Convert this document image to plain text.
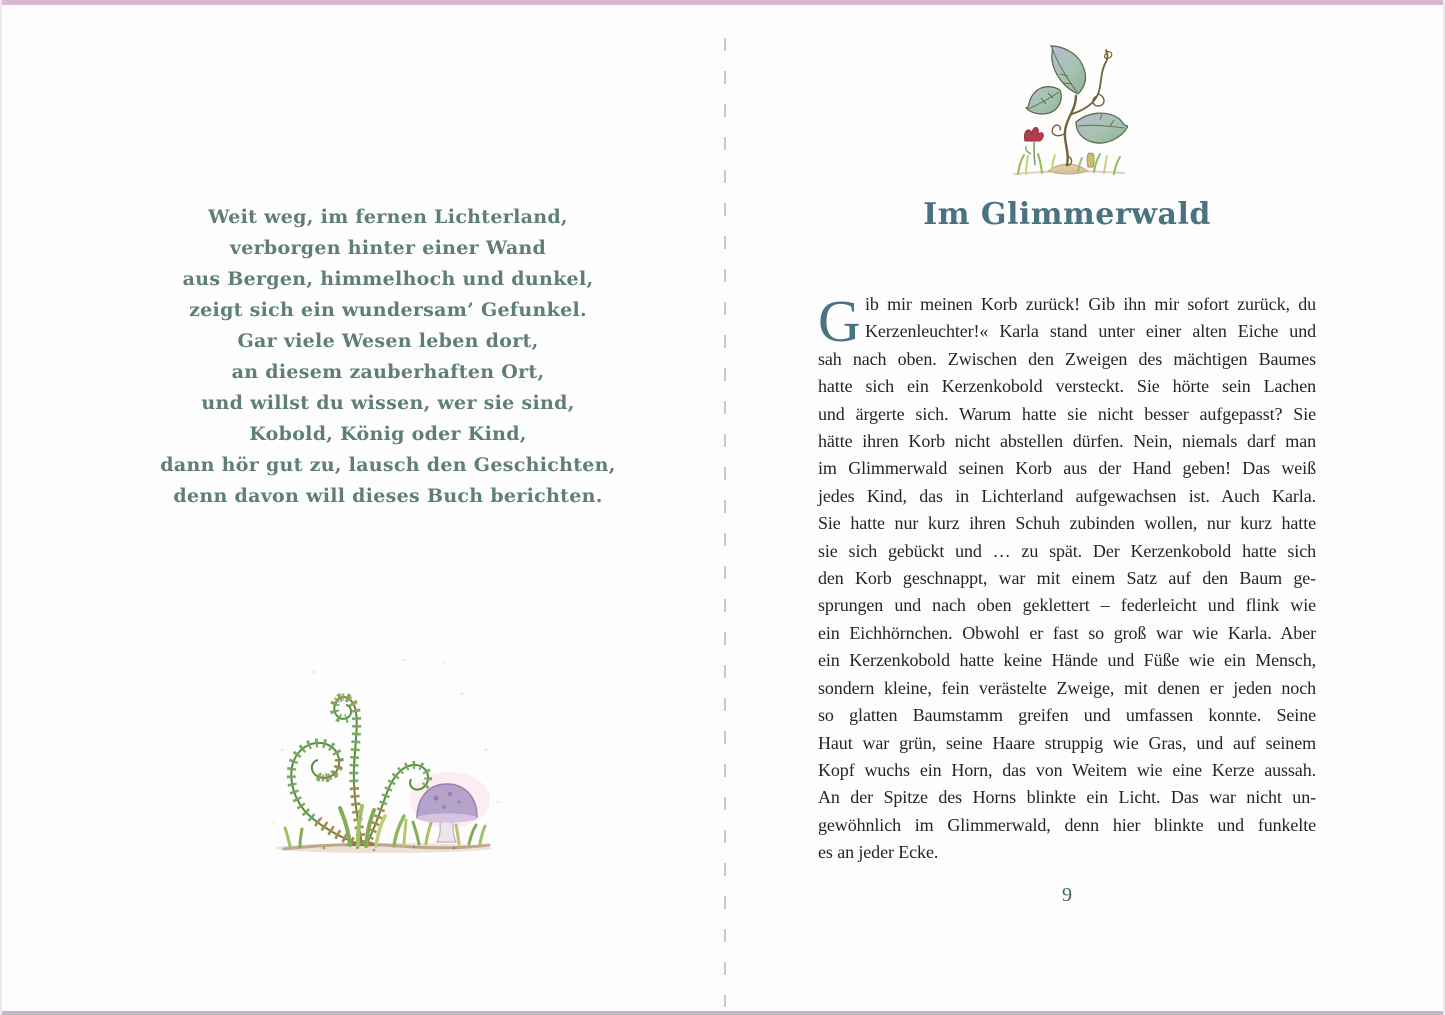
Weit weg, im fernen Lichterland,
verborgen hinter einer Wand
aus Bergen, himmelhoch und dunkel,
zeigt sich ein wundersam’ Gefunkel.
Gar viele Wesen leben dort,
an diesem zauberhaften Ort,
und willst du wissen, wer sie sind,
Kobold, König oder Kind,
dann hör gut zu, lausch den Geschichten,
denn davon will dieses Buch berichten.
Im Glimmerwald
G ib mir meinen Korb zurück! Gib ihn mir sofort zurück, du
Kerzenleuchter!« Karla stand unter einer alten Eiche und
sah nach oben. Zwischen den Zweigen des mächtigen Baumes
hatte sich ein Kerzenkobold versteckt. Sie hörte sein Lachen
und ärgerte sich. Warum hatte sie nicht besser aufgepasst? Sie
hätte ihren Korb nicht abstellen dürfen. Nein, niemals darf man
im Glimmerwald seinen Korb aus der Hand geben! Das weiß
jedes Kind, das in Lichterland aufgewachsen ist. Auch Karla.
Sie hatte nur kurz ihren Schuh zubinden wollen, nur kurz hatte
sie sich gebückt und … zu spät. Der Kerzenkobold hatte sich
den Korb geschnappt, war mit einem Satz auf den Baum ge-
sprungen und nach oben geklettert – federleicht und flink wie
ein Eichhörnchen. Obwohl er fast so groß war wie Karla. Aber
ein Kerzenkobold hatte keine Hände und Füße wie ein Mensch,
sondern kleine, fein verästelte Zweige, mit denen er jeden noch
so glatten Baumstamm greifen und umfassen konnte. Seine
Haut war grün, seine Haare struppig wie Gras, und auf seinem
Kopf wuchs ein Horn, das von Weitem wie eine Kerze aussah.
An der Spitze des Horns blinkte ein Licht. Das war nicht un-
gewöhnlich im Glimmerwald, denn hier blinkte und funkelte
es an jeder Ecke.
9
